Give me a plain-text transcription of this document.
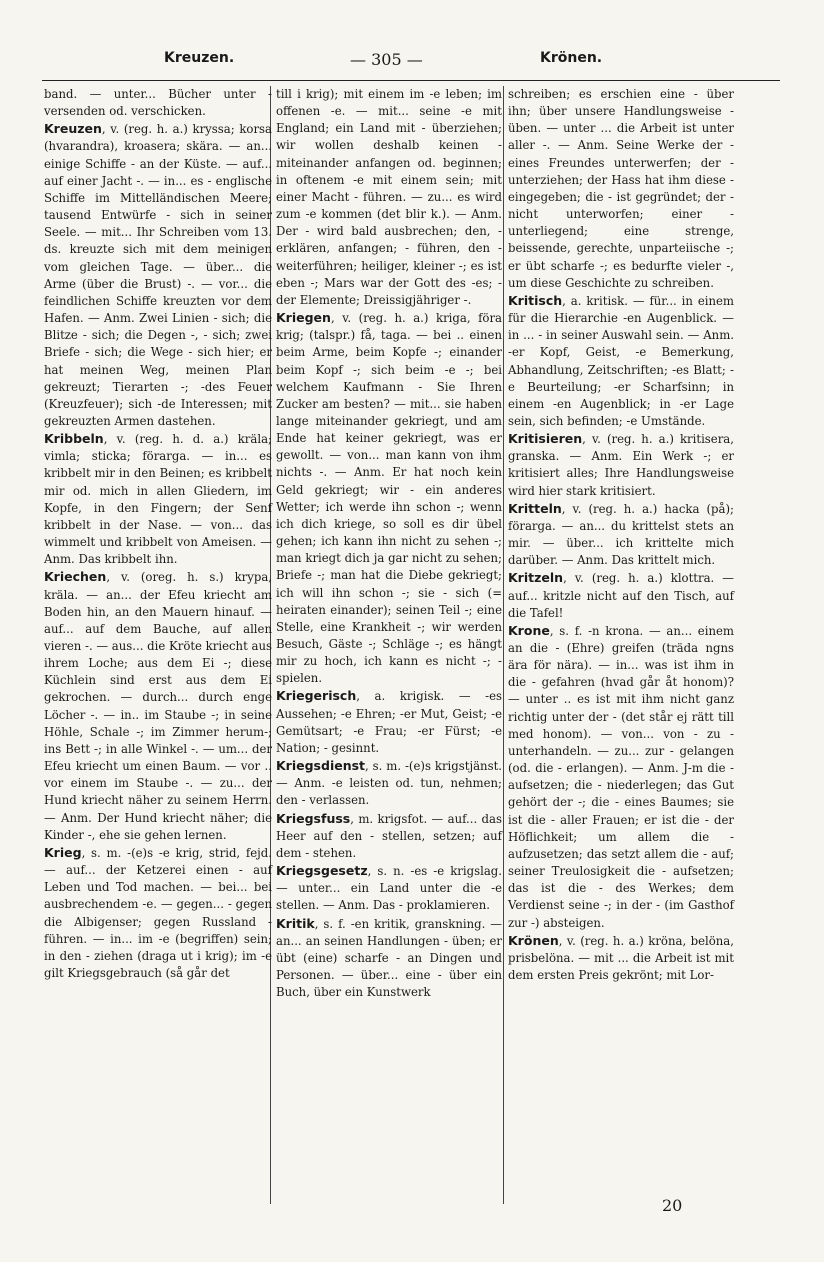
Kreuzen.	— 305 —	Krönen.

band. — unter... Bücher unter - versenden od. verschicken.

Kreuzen, v. (reg. h. a.) kryssa; korsa (hvarandra), kroasera; skära. — an... einige Schiffe - an der Küste. — auf... auf einer Jacht -. — in... es - englische Schiffe im Mittelländischen Meere; tausend Entwürfe - sich in seiner Seele. — mit... Ihr Schreiben vom 13. ds. kreuzte sich mit dem meinigen vom gleichen Tage. — über... die Arme (über die Brust) -. — vor... die feindlichen Schiffe kreuzten vor dem Hafen. — Anm. Zwei Linien - sich; die Blitze - sich; die Degen -, - sich; zwei Briefe - sich; die Wege - sich hier; er hat meinen Weg, meinen Plan gekreuzt; Tierarten -; -des Feuer (Kreuzfeuer); sich -de Interessen; mit gekreuzten Armen dastehen.

Kribbeln, v. (reg. h. d. a.) kräla; vimla; sticka; förarga. — in... es kribbelt mir in den Beinen; es kribbelt mir od. mich in allen Gliedern, im Kopfe, in den Fingern; der Senf kribbelt in der Nase. — von... das wimmelt und kribbelt von Ameisen. — Anm. Das kribbelt ihn.

Kriechen, v. (oreg. h. s.) krypa, kräla. — an... der Efeu kriecht am Boden hin, an den Mauern hinauf. — auf... auf dem Bauche, auf allen vieren -. — aus... die Kröte kriecht aus ihrem Loche; aus dem Ei -; diese Küchlein sind erst aus dem Ei gekrochen. — durch... durch enge Löcher -. — in.. im Staube -; in seine Höhle, Schale -; im Zimmer herum-; ins Bett -; in alle Winkel -. — um... der Efeu kriecht um einen Baum. — vor .. vor einem im Staube -. — zu... der Hund kriecht näher zu seinem Herrn. — Anm. Der Hund kriecht näher; die Kinder -, ehe sie gehen lernen.

Krieg, s. m. -(e)s -e krig, strid, fejd. — auf... der Ketzerei einen - auf Leben und Tod machen. — bei... bei ausbrechendem -e. — gegen... - gegen die Albigenser; gegen Russland - führen. — in... im -e (begriffen) sein; in den - ziehen (draga ut i krig); im -e gilt Kriegsgebrauch (så går det

till i krig); mit einem im -e leben; im offenen -e. — mit... seine -e mit England; ein Land mit - überziehen; wir wollen deshalb keinen - miteinander anfangen od. beginnen; in oftenem -e mit einem sein; mit einer Macht - führen. — zu... es wird zum -e kommen (det blir k.). — Anm. Der - wird bald ausbrechen; den, - erklären, anfangen; - führen, den - weiterführen; heiliger, kleiner -; es ist eben -; Mars war der Gott des -es; - der Elemente; Dreissigjähriger -.

Kriegen, v. (reg. h. a.) kriga, föra krig; (talspr.) få, taga. — bei .. einen beim Arme, beim Kopfe -; einander beim Kopf -; sich beim -e -; bei welchem Kaufmann - Sie Ihren Zucker am besten? — mit... sie haben lange miteinander gekriegt, und am Ende hat keiner gekriegt, was er gewollt. — von... man kann von ihm nichts -. — Anm. Er hat noch kein Geld gekriegt; wir - ein anderes Wetter; ich werde ihn schon -; wenn ich dich kriege, so soll es dir übel gehen; ich kann ihn nicht zu sehen -; man kriegt dich ja gar nicht zu sehen; Briefe -; man hat die Diebe gekriegt; ich will ihn schon -; sie - sich (= heiraten einander); seinen Teil -; eine Stelle, eine Krankheit -; wir werden Besuch, Gäste -; Schläge -; es hängt mir zu hoch, ich kann es nicht -; - spielen.

Kriegerisch, a. krigisk. — -es Aussehen; -e Ehren; -er Mut, Geist; -e Gemütsart; -e Frau; -er Fürst; -e Nation; - gesinnt.

Kriegsdienst, s. m. -(e)s krigstjänst. — Anm. -e leisten od. tun, nehmen; den - verlassen.

Kriegsfuss, m. krigsfot. — auf... das Heer auf den - stellen, setzen; auf dem - stehen.

Kriegsgesetz, s. n. -es -e krigslag. — unter... ein Land unter die -e stellen. — Anm. Das - proklamieren.

Kritik, s. f. -en kritik, granskning. — an... an seinen Handlungen - üben; er übt (eine) scharfe - an Dingen und Personen. — über... eine - über ein Buch, über ein Kunstwerk

schreiben; es erschien eine - über ihn; über unsere Handlungsweise - üben. — unter ... die Arbeit ist unter aller -. — Anm. Seine Werke der - eines Freundes unterwerfen; der - unterziehen; der Hass hat ihm diese - eingegeben; die - ist gegründet; der - nicht unterworfen; einer - unterliegend; eine strenge, beissende, gerechte, unparteiische -; er übt scharfe -; es bedurfte vieler -, um diese Geschichte zu schreiben.

Kritisch, a. kritisk. — für... in einem für die Hierarchie -en Augenblick. — in ... - in seiner Auswahl sein. — Anm. -er Kopf, Geist, -e Bemerkung, Abhandlung, Zeitschriften; -es Blatt; -e Beurteilung; -er Scharfsinn; in einem -en Augenblick; in -er Lage sein, sich befinden; -e Umstände.

Kritisieren, v. (reg. h. a.) kritisera, granska. — Anm. Ein Werk -; er kritisiert alles; Ihre Handlungsweise wird hier stark kritisiert.

Kritteln, v. (reg. h. a.) hacka (på); förarga. — an... du krittelst stets an mir. — über... ich krittelte mich darüber. — Anm. Das krittelt mich.

Kritzeln, v. (reg. h. a.) klottra. — auf... kritzle nicht auf den Tisch, auf die Tafel!

Krone, s. f. -n krona. — an... einem an die - (Ehre) greifen (träda ngns ära för nära). — in... was ist ihm in die - gefahren (hvad går åt honom)? — unter .. es ist mit ihm nicht ganz richtig unter der - (det står ej rätt till med honom). — von... von - zu - unterhandeln. — zu... zur - gelangen (od. die - erlangen). — Anm. J-m die - aufsetzen; die - niederlegen; das Gut gehört der -; die - eines Baumes; sie ist die - aller Frauen; er ist die - der Höflichkeit; um allem die - aufzusetzen; das setzt allem die - auf; seiner Treulosigkeit die - aufsetzen; das ist die - des Werkes; dem Verdienst seine -; in der - (im Gasthof zur -) absteigen.

Krönen, v. (reg. h. a.) kröna, belöna, prisbelöna. — mit ... die Arbeit ist mit dem ersten Preis gekrönt; mit Lor-

20
